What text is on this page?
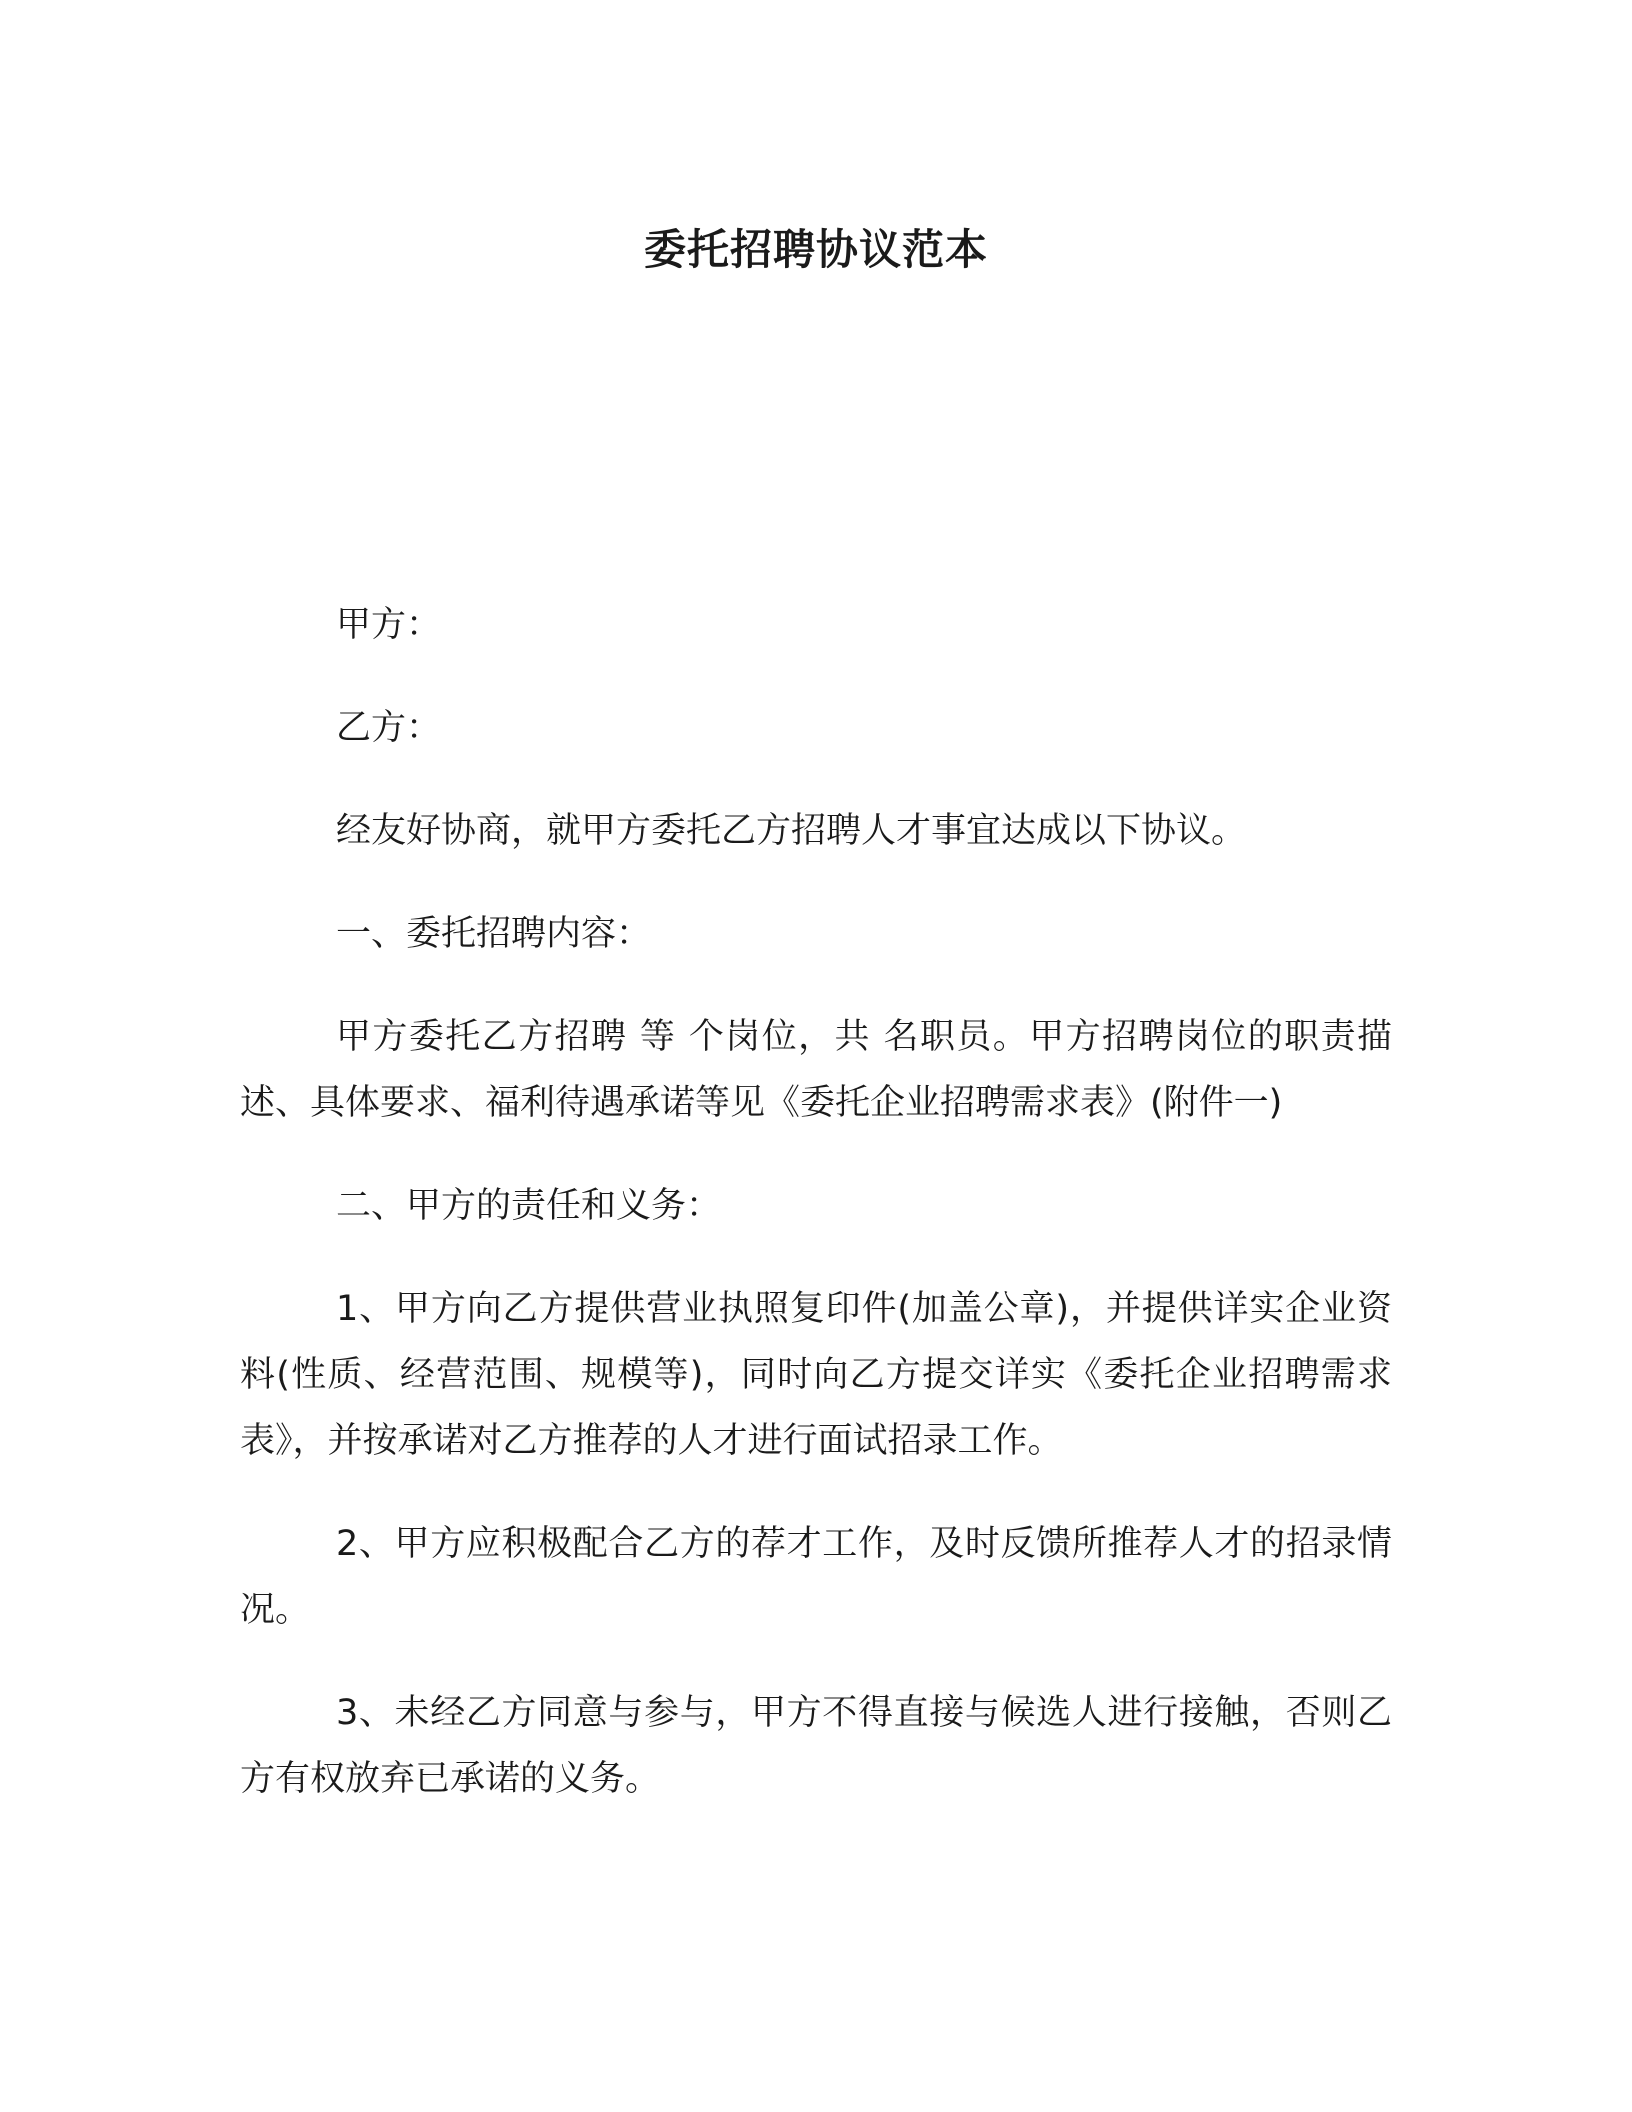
委托招聘协议范本

甲方：

乙方：

经友好协商，就甲方委托乙方招聘人才事宜达成以下协议。

一、委托招聘内容：

甲方委托乙方招聘 等 个岗位，共 名职员。甲方招聘岗位的职责描述、具体要求、福利待遇承诺等见《委托企业招聘需求表》(附件一)

二、甲方的责任和义务：

1、甲方向乙方提供营业执照复印件(加盖公章)，并提供详实企业资料(性质、经营范围、规模等)，同时向乙方提交详实《委托企业招聘需求表》，并按承诺对乙方推荐的人才进行面试招录工作。

2、甲方应积极配合乙方的荐才工作，及时反馈所推荐人才的招录情况。

3、未经乙方同意与参与，甲方不得直接与候选人进行接触，否则乙方有权放弃已承诺的义务。
